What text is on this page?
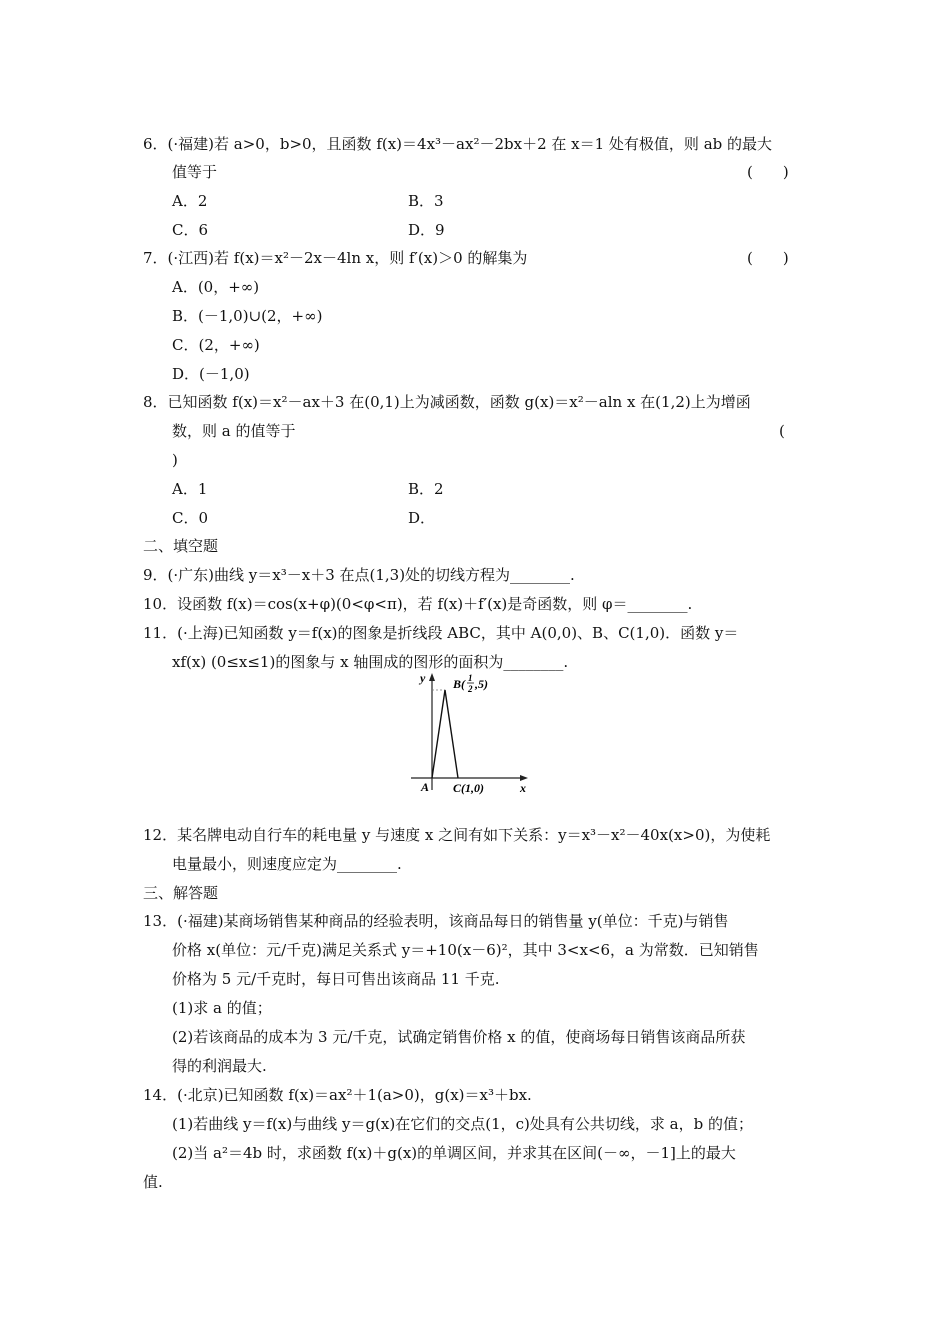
6．(·福建)若 a>0，b>0，且函数 f(x)＝4x³－ax²－2bx＋2 在 x＝1 处有极值，则 ab 的最大
值等于	(　　)
A．2	B．3
C．6	D．9
7．(·江西)若 f(x)＝x²－2x－4ln x，则 f′(x)＞0 的解集为	(　　)
A．(0，+∞)
B．(－1,0)∪(2，+∞)
C．(2，+∞)
D．(－1,0)
8．已知函数 f(x)＝x²－ax＋3 在(0,1)上为减函数，函数 g(x)＝x²－aln x 在(1,2)上为增函
数，则 a 的值等于	(
)
A．1	B．2
C．0	D．
二、填空题
9．(·广东)曲线 y＝x³－x＋3 在点(1,3)处的切线方程为________.
10．设函数 f(x)＝cos(x+φ)(0<φ<π)，若 f(x)＋f′(x)是奇函数，则 φ＝________.
11．(·上海)已知函数 y＝f(x)的图象是折线段 ABC，其中 A(0,0)、B、C(1,0)．函数 y＝
xf(x) (0≤x≤1)的图象与 x 轴围成的图形的面积为________.
y
x
A
B( 1
2 ,5)
C(1,0)
12．某名牌电动自行车的耗电量 y 与速度 x 之间有如下关系：y＝x³－x²－40x(x>0)，为使耗
电量最小，则速度应定为________.
三、解答题
13．(·福建)某商场销售某种商品的经验表明，该商品每日的销售量 y(单位：千克)与销售
价格 x(单位：元/千克)满足关系式 y＝+10(x－6)²，其中 3<x<6，a 为常数．已知销售
价格为 5 元/千克时，每日可售出该商品 11 千克.
(1)求 a 的值；
(2)若该商品的成本为 3 元/千克，试确定销售价格 x 的值，使商场每日销售该商品所获
得的利润最大.
14．(·北京)已知函数 f(x)＝ax²＋1(a>0)，g(x)＝x³＋bx.
(1)若曲线 y＝f(x)与曲线 y＝g(x)在它们的交点(1，c)处具有公共切线，求 a，b 的值；
(2)当 a²＝4b 时，求函数 f(x)＋g(x)的单调区间，并求其在区间(－∞，－1]上的最大
值.
